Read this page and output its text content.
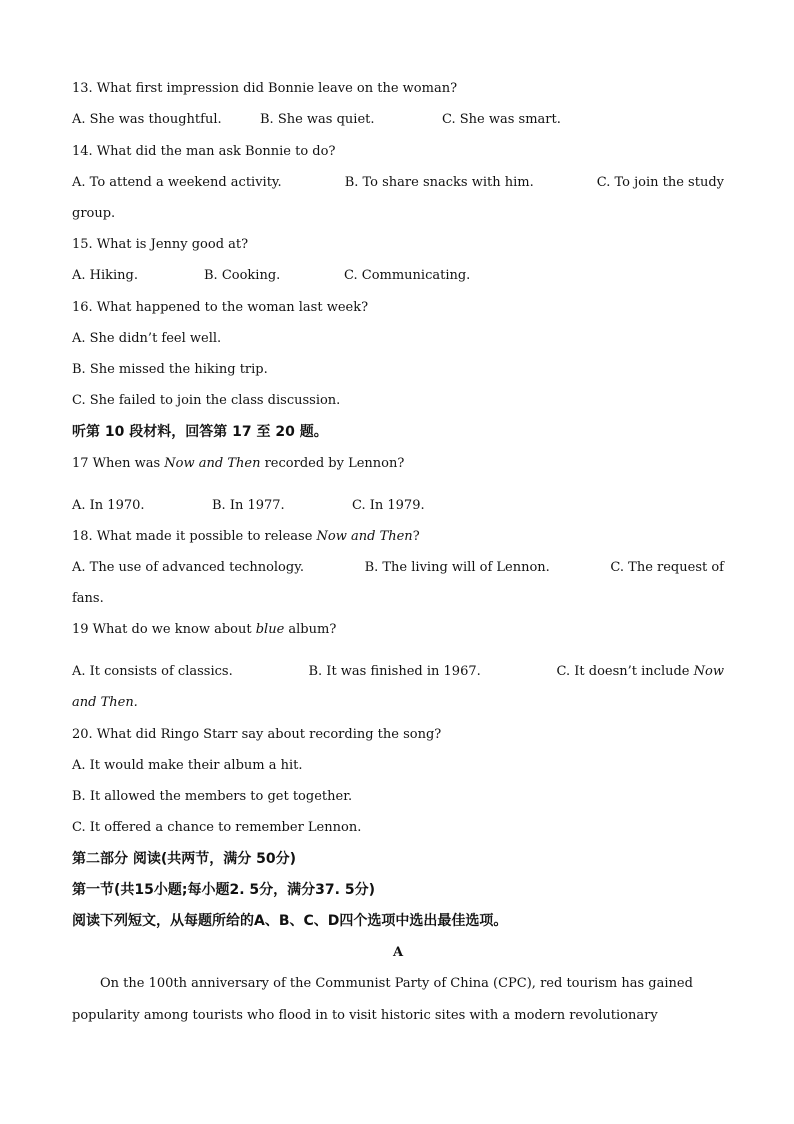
13. What first impression did Bonnie leave on the woman?
A. She was thoughtful.	B. She was quiet.	C. She was smart.
14. What did the man ask Bonnie to do?
A. To attend a weekend activity.	B. To share snacks with him.	C. To join the study
group.
15. What is Jenny good at?
A. Hiking.	B. Cooking.	C. Communicating.
16. What happened to the woman last week?
A. She didn’t feel well.
B. She missed the hiking trip.
C. She failed to join the class discussion.
听第 10 段材料，回答第 17 至 20 题。
17 When was Now and Then recorded by Lennon?
A. In 1970.	B. In 1977.	C. In 1979.
18. What made it possible to release Now and Then?
A. The use of advanced technology.	B. The living will of Lennon.	C. The request of
fans.
19 What do we know about blue album?
A. It consists of classics.	B. It was finished in 1967.	C. It doesn’t include Now
and Then.
20. What did Ringo Starr say about recording the song?
A. It would make their album a hit.
B. It allowed the members to get together.
C. It offered a chance to remember Lennon.
第二部分 阅读(共两节，满分 50分)
第一节(共15小题;每小题2. 5分，满分37. 5分)
阅读下列短文，从每题所给的A、B、C、D四个选项中选出最佳选项。
A
On the 100th anniversary of the Communist Party of China (CPC), red tourism has gained
popularity among tourists who flood in to visit historic sites with a modern revolutionary
